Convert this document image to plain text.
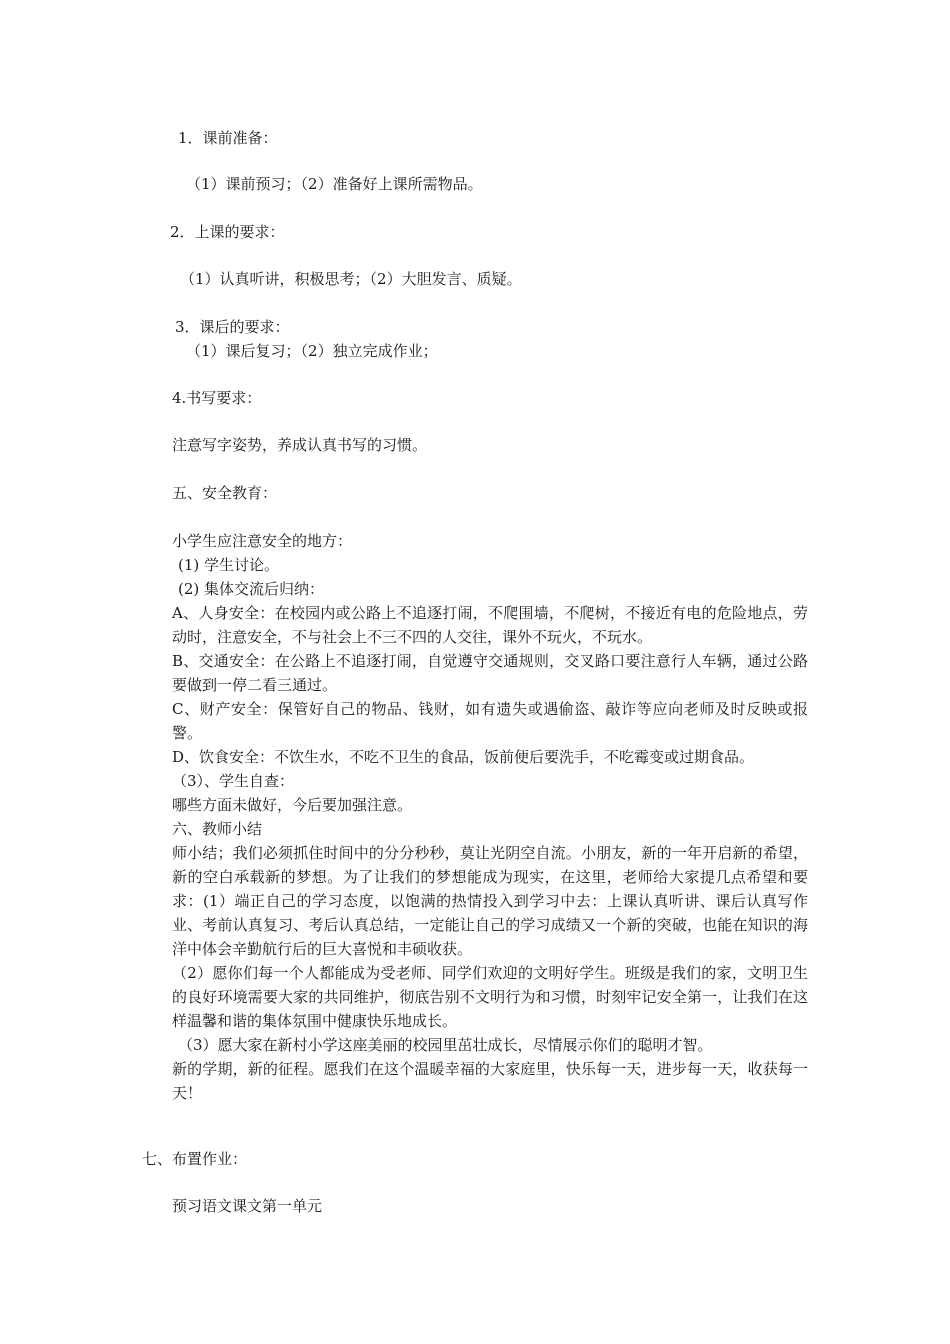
1．课前准备：
（1）课前预习；（2）准备好上课所需物品。
2．上课的要求：
（1）认真听讲，积极思考；（2）大胆发言、质疑。
3．课后的要求：
（1）课后复习；（2）独立完成作业；
4.书写要求：
注意写字姿势，养成认真书写的习惯。
五、安全教育：
小学生应注意安全的地方：
(1) 学生讨论。
(2) 集体交流后归纳：
A、人身安全：在校园内或公路上不追逐打闹，不爬围墙，不爬树，不接近有电的危险地点，劳动时，注意安全，不与社会上不三不四的人交往，课外不玩火，不玩水。
B、交通安全：在公路上不追逐打闹，自觉遵守交通规则，交叉路口要注意行人车辆，通过公路要做到一停二看三通过。
C、财产安全：保管好自己的物品、钱财，如有遗失或遇偷盗、敲诈等应向老师及时反映或报警。
D、饮食安全：不饮生水，不吃不卫生的食品，饭前便后要洗手，不吃霉变或过期食品。
（3）、学生自查：
哪些方面未做好，今后要加强注意。
六、教师小结
师小结；我们必须抓住时间中的分分秒秒，莫让光阴空自流。小朋友，新的一年开启新的希望，新的空白承载新的梦想。为了让我们的梦想能成为现实，在这里，老师给大家提几点希望和要求：(1）端正自己的学习态度，以饱满的热情投入到学习中去：上课认真听讲、课后认真写作业、考前认真复习、考后认真总结，一定能让自己的学习成绩又一个新的突破，也能在知识的海洋中体会辛勤航行后的巨大喜悦和丰硕收获。
（2）愿你们每一个人都能成为受老师、同学们欢迎的文明好学生。班级是我们的家，文明卫生的良好环境需要大家的共同维护，彻底告别不文明行为和习惯，时刻牢记安全第一，让我们在这样温馨和谐的集体氛围中健康快乐地成长。
（3）愿大家在新村小学这座美丽的校园里茁壮成长，尽情展示你们的聪明才智。
新的学期，新的征程。愿我们在这个温暖幸福的大家庭里，快乐每一天，进步每一天，收获每一天！
七、布置作业：
预习语文课文第一单元
